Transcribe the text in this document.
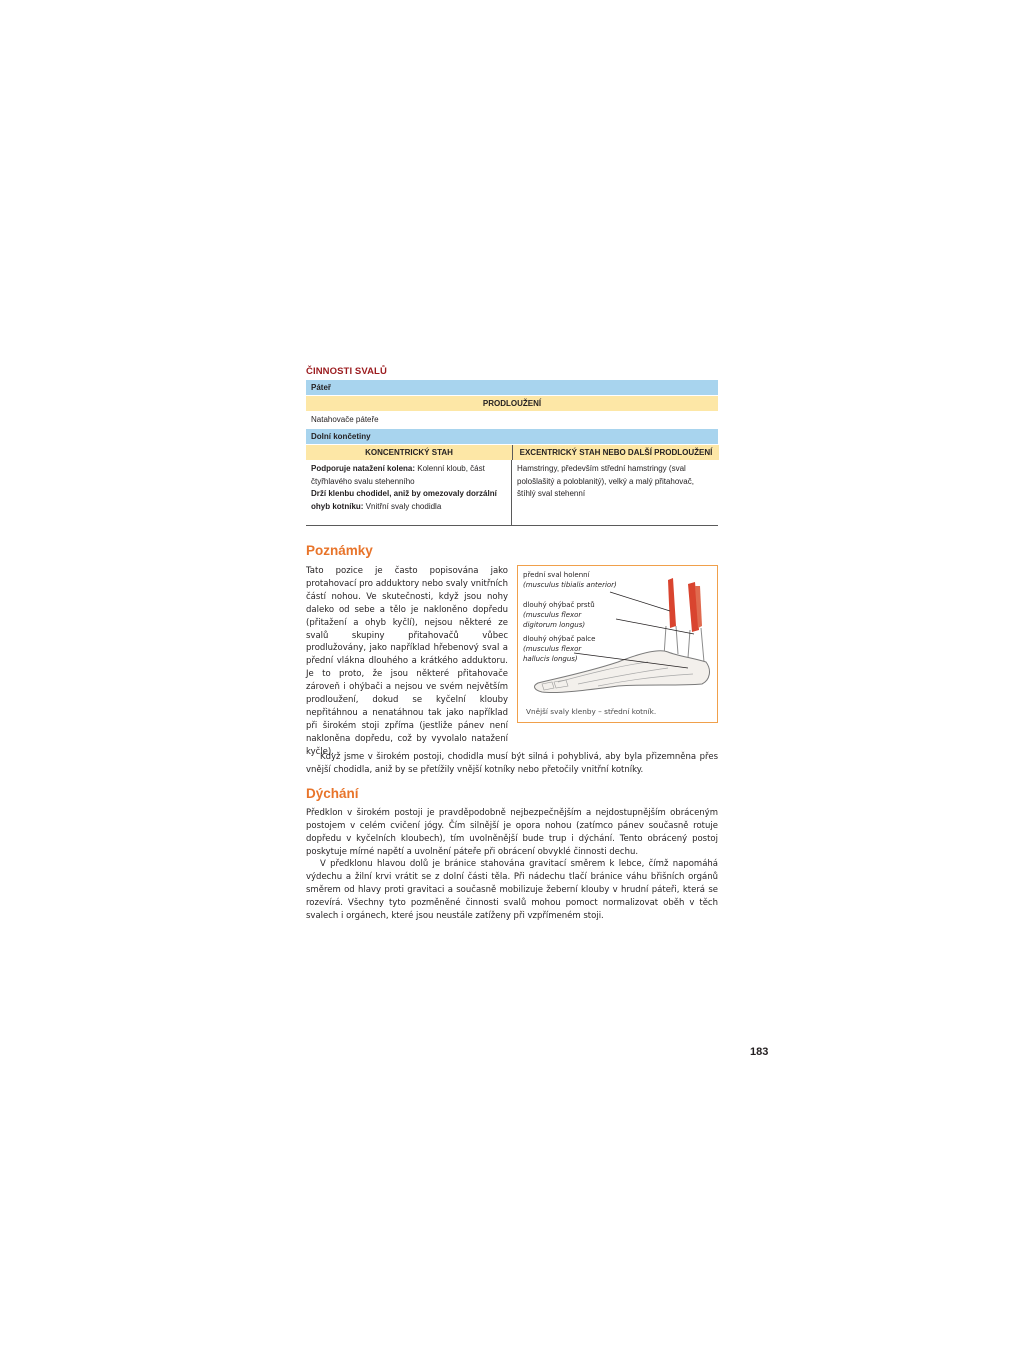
ČINNOSTI SVALŮ
Páteř
PRODLOUŽENÍ
Natahovače páteře
Dolní končetiny
KONCENTRICKÝ STAH	EXCENTRICKÝ STAH NEBO DALŠÍ PRODLOUŽENÍ
Podporuje natažení kolena: Kolenní kloub, část čtyřhlavého svalu stehenního
Drží klenbu chodidel, aniž by omezovaly dorzální ohyb kotníku: Vnitřní svaly chodidla
Hamstringy, především střední hamstringy (sval pološlašitý a poloblanitý), velký a malý přitahovač, štíhlý sval stehenní
Poznámky

Tato pozice je často popisována jako protahovací pro adduktory nebo svaly vnitřních částí nohou. Ve skutečnosti, když jsou nohy daleko od sebe a tělo je nakloněno dopředu (přitažení a ohyb kyčlí), nejsou některé ze svalů skupiny přitahovačů vůbec prodlužovány, jako například hřebenový sval a přední vlákna dlouhého a krátkého adduktoru. Je to proto, že jsou některé přitahovače zároveň i ohýbači a nejsou ve svém největším prodloužení, dokud se kyčelní klouby nepřitáhnou a nenatáhnou tak jako například při širokém stoji zpříma (jestliže pánev není nakloněna dopředu, což by vyvolalo natažení kyčle).

přední sval holenní
(musculus tibialis anterior)
dlouhý ohýbač prstů
(musculus flexor digitorum longus)
dlouhý ohýbač palce
(musculus flexor hallucis longus)
Vnější svaly klenby – střední kotník.

Když jsme v širokém postoji, chodidla musí být silná i pohyblivá, aby byla přizemněna přes vnější chodidla, aniž by se přetížily vnější kotníky nebo přetočily vnitřní kotníky.

Dýchání

Předklon v širokém postoji je pravděpodobně nejbezpečnějším a nejdostupnějším obráceným postojem v celém cvičení jógy. Čím silnější je opora nohou (zatímco pánev současně rotuje dopředu v kyčelních kloubech), tím uvolněnější bude trup i dýchání. Tento obrácený postoj poskytuje mírné napětí a uvolnění páteře při obrácení obvyklé činnosti dechu.

V předklonu hlavou dolů je bránice stahována gravitací směrem k lebce, čímž napomáhá výdechu a žilní krvi vrátit se z dolní části těla. Při nádechu tlačí bránice váhu břišních orgánů směrem od hlavy proti gravitaci a současně mobilizuje žeberní klouby v hrudní páteři, která se rozevírá. Všechny tyto pozměněné činnosti svalů mohou pomoct normalizovat oběh v těch svalech i orgánech, které jsou neustále zatíženy při vzpřímeném stoji.

183
